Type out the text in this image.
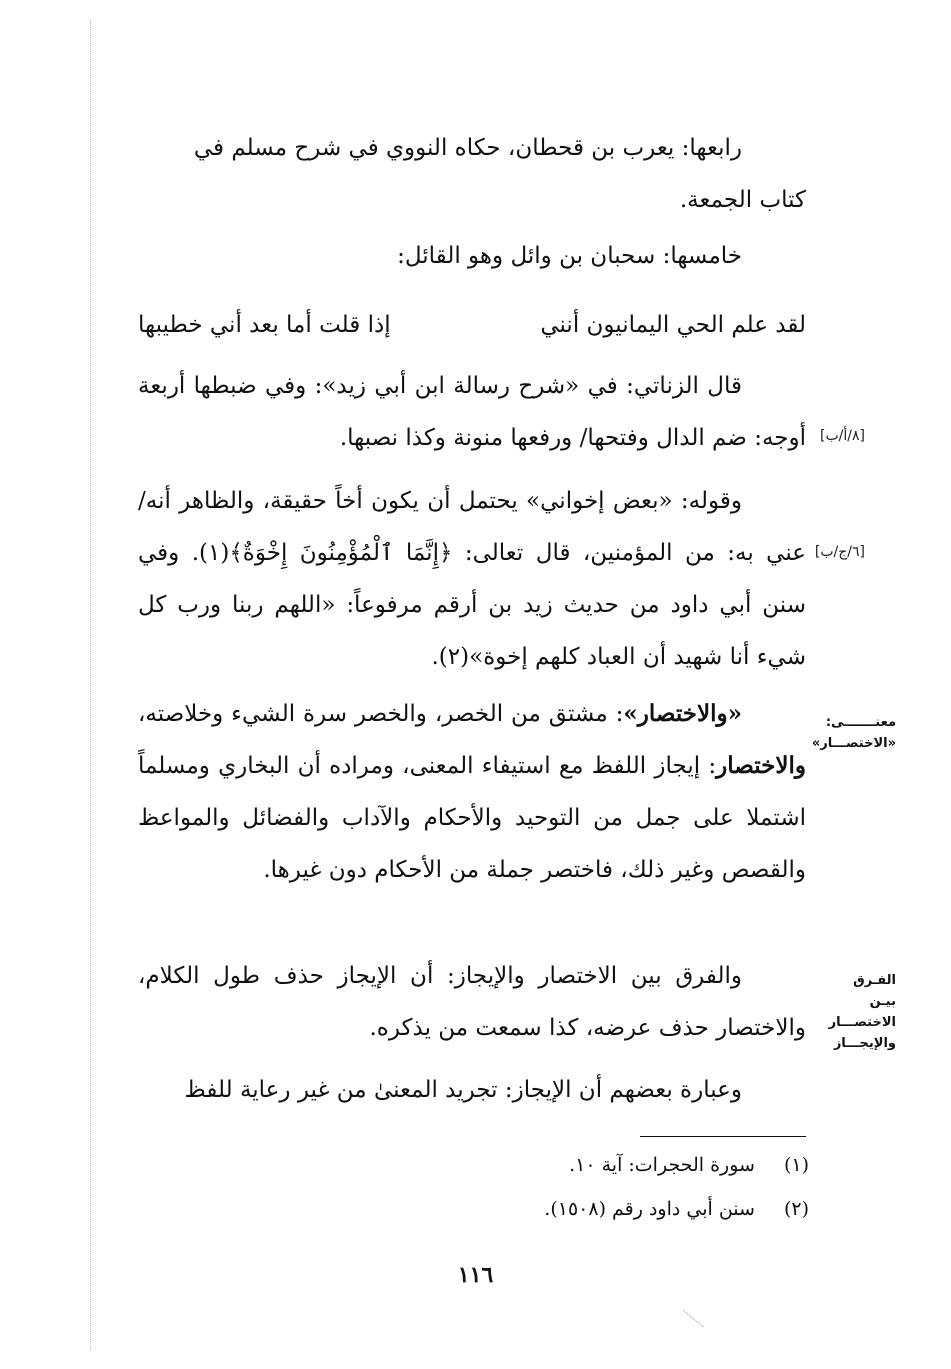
رابعها: يعرب بن قحطان، حكاه النووي في شرح مسلم في
كتاب الجمعة.

خامسها: سحبان بن وائل وهو القائل:

لقد علم الحي اليمانيون أنني
إذا قلت أما بعد أني خطيبها

قال الزناتي: في «شرح رسالة ابن أبي زيد»: وفي ضبطها أربعة أوجه: ضم الدال وفتحها/ ورفعها منونة وكذا نصبها. [٨/أ/ب]

وقوله: «بعض إخواني» يحتمل أن يكون أخاً حقيقة، والظاهر أنه/ عني به: من المؤمنين، قال تعالى: ﴿إِنَّمَا ٱلْمُؤْمِنُونَ إِخْوَةٌ﴾(١). وفي سنن أبي داود من حديث زيد بن أرقم مرفوعاً: «اللهم ربنا ورب كل شيء أنا شهيد أن العباد كلهم إخوة»(٢).

[٦/ج/ب]

«والاختصار»: مشتق من الخصر، والخصر سرة الشيء وخلاصته، والاختصار: إيجاز اللفظ مع استيفاء المعنى، ومراده أن البخاري ومسلماً اشتملا على جمل من التوحيد والأحكام والآداب والفضائل والمواعظ والقصص وغير ذلك، فاختصر جملة من الأحكام دون غيرها.

معنـــــــى:
«الاختصـــار»

والفرق بين الاختصار والإيجاز: أن الإيجاز حذف طول الكلام، والاختصار حذف عرضه، كذا سمعت من يذكره.

الفـرق بيـن
الاختصـــار
والإيجـــاز

وعبارة بعضهم أن الإيجاز: تجريد المعنىٰ من غير رعاية للفظ

(١) سورة الحجرات: آية ١٠.
(٢) سنن أبي داود رقم (١٥٠٨).
١١٦
